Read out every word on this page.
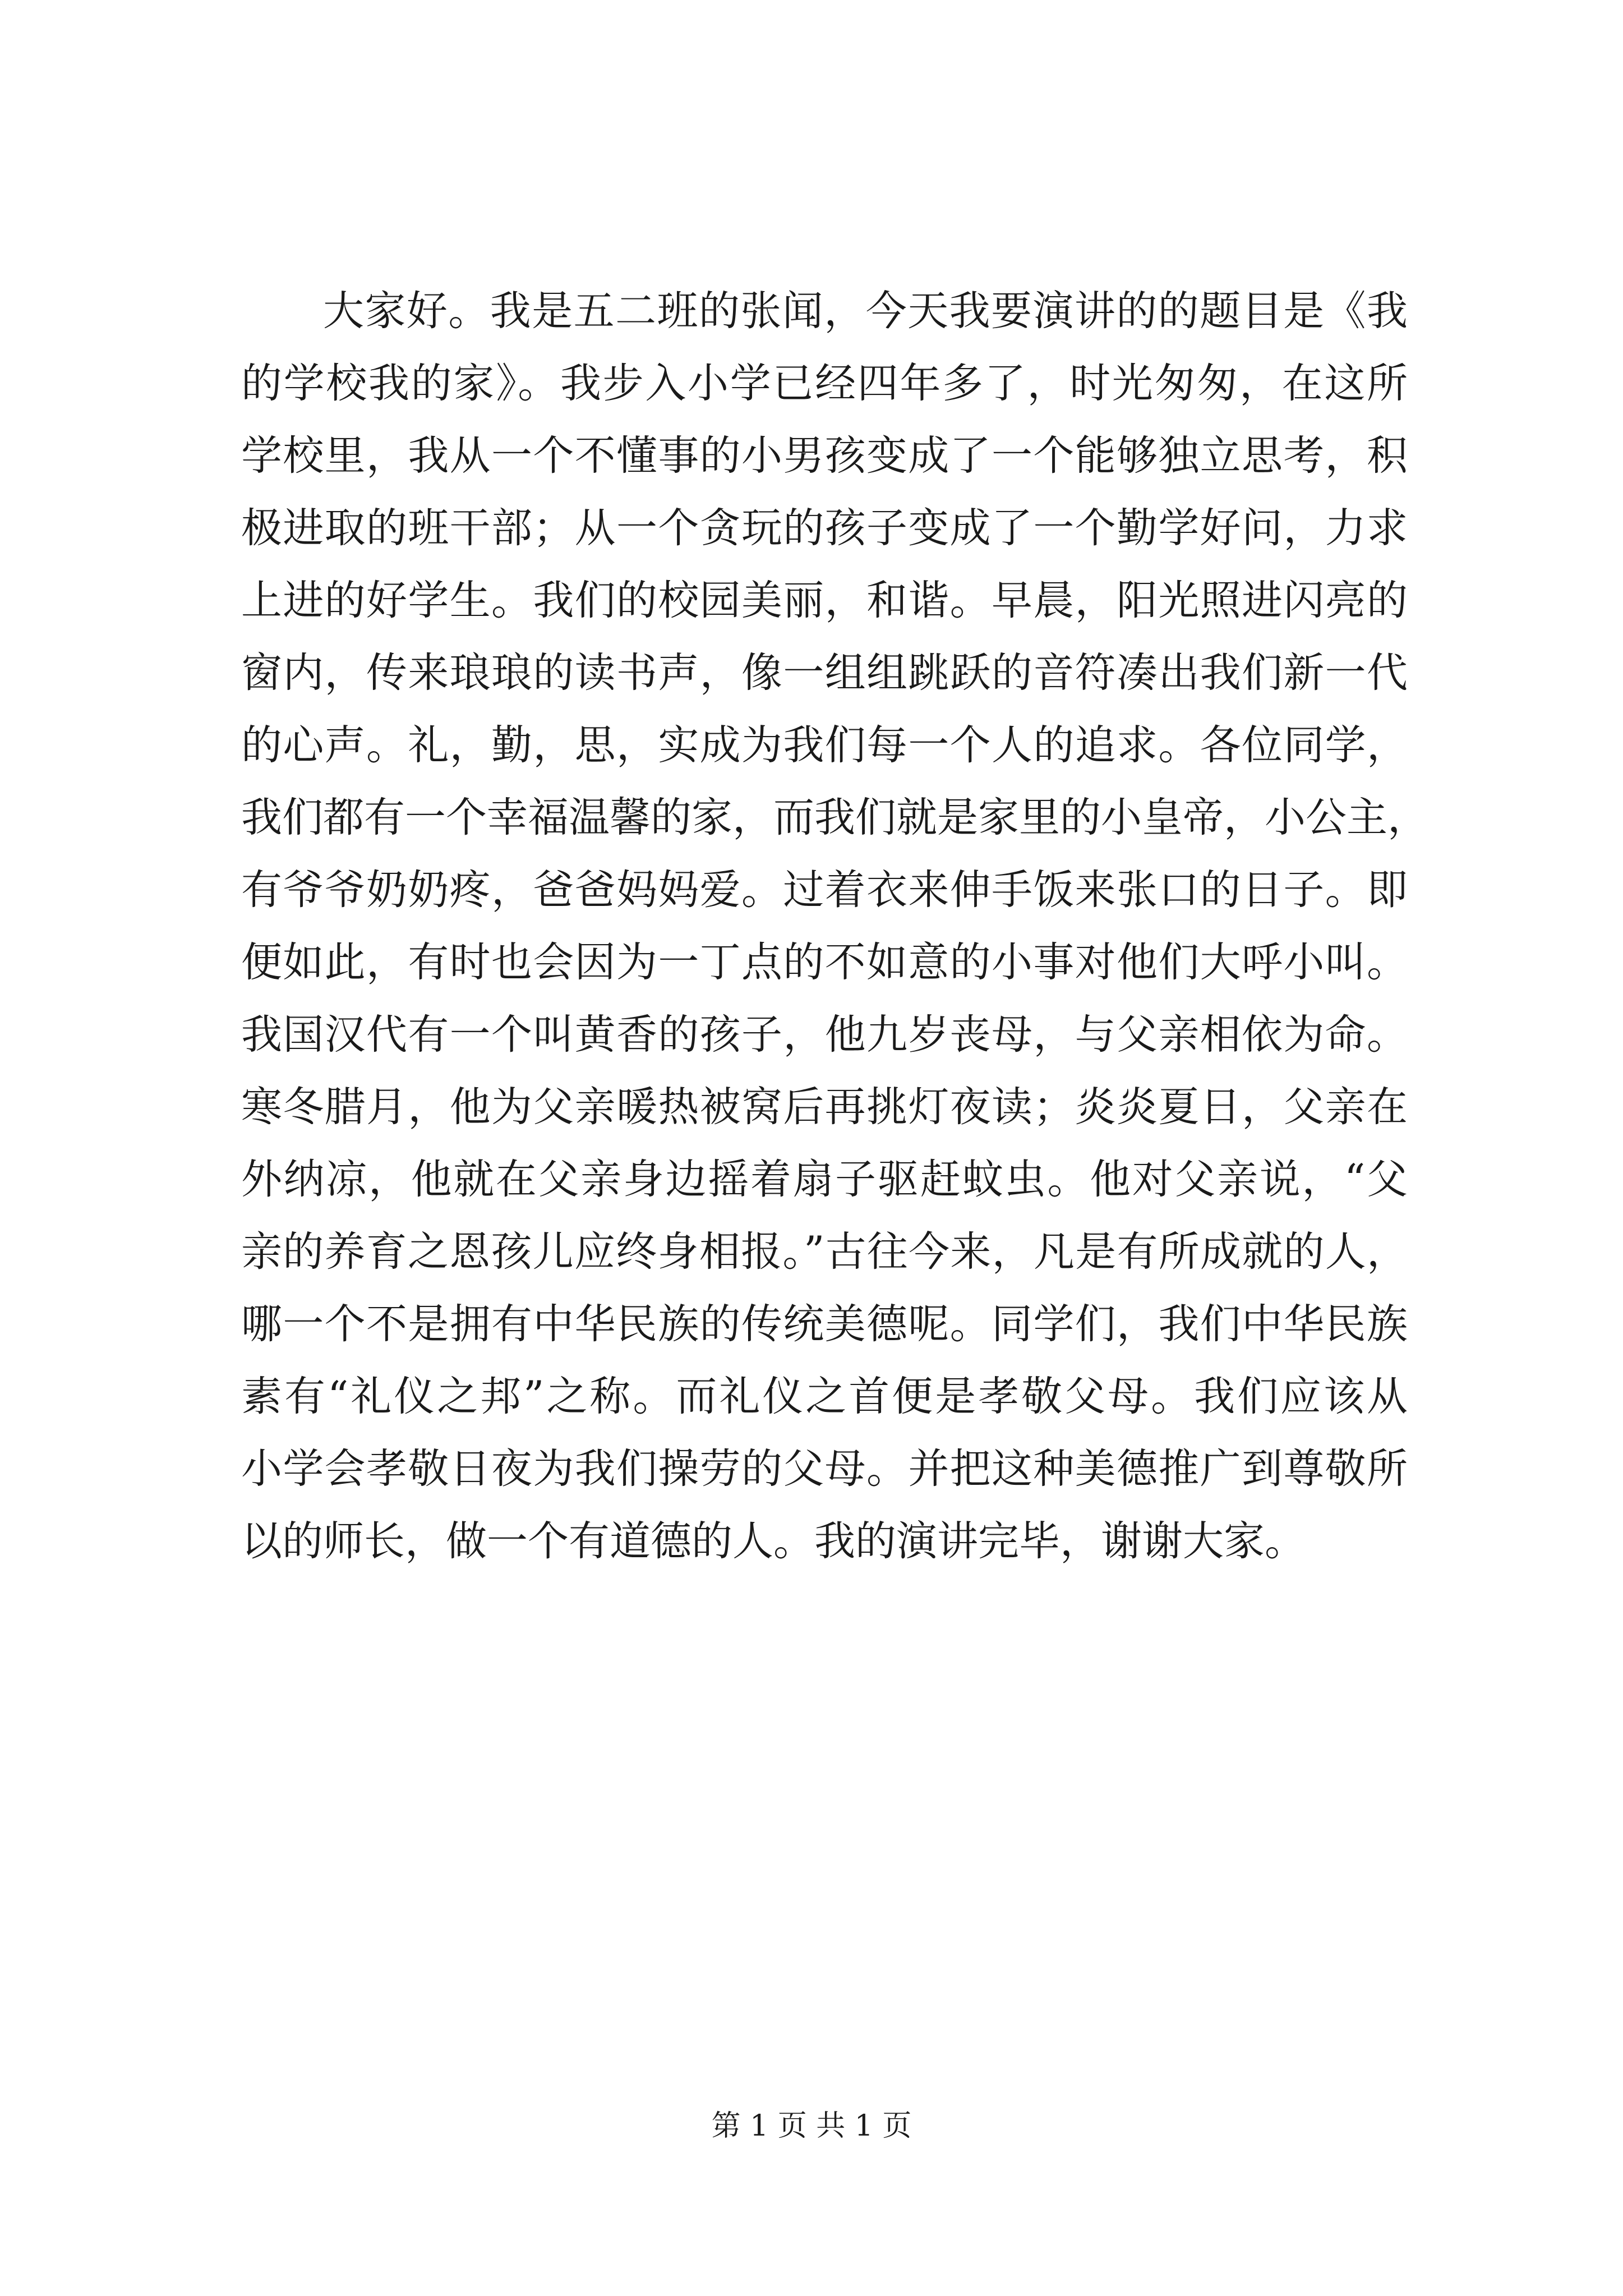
大家好。我是五二班的张闻，今天我要演讲的的题目是《我
的学校我的家》。我步入小学已经四年多了，时光匆匆，在这所
学校里，我从一个不懂事的小男孩变成了一个能够独立思考，积
极进取的班干部；从一个贪玩的孩子变成了一个勤学好问，力求
上进的好学生。我们的校园美丽，和谐。早晨，阳光照进闪亮的
窗内，传来琅琅的读书声，像一组组跳跃的音符凑出我们新一代
的心声。礼，勤，思，实成为我们每一个人的追求。各位同学，
我们都有一个幸福温馨的家，而我们就是家里的小皇帝，小公主，
有爷爷奶奶疼，爸爸妈妈爱。过着衣来伸手饭来张口的日子。即
便如此，有时也会因为一丁点的不如意的小事对他们大呼小叫。
我国汉代有一个叫黄香的孩子，他九岁丧母，与父亲相依为命。
寒冬腊月，他为父亲暖热被窝后再挑灯夜读；炎炎夏日，父亲在
外纳凉，他就在父亲身边摇着扇子驱赶蚊虫。他对父亲说，“父
亲的养育之恩孩儿应终身相报。”古往今来，凡是有所成就的人，
哪一个不是拥有中华民族的传统美德呢。同学们，我们中华民族
素有“礼仪之邦”之称。而礼仪之首便是孝敬父母。我们应该从
小学会孝敬日夜为我们操劳的父母。并把这种美德推广到尊敬所
以的师长，做一个有道德的人。我的演讲完毕，谢谢大家。
第 1 页 共 1 页
